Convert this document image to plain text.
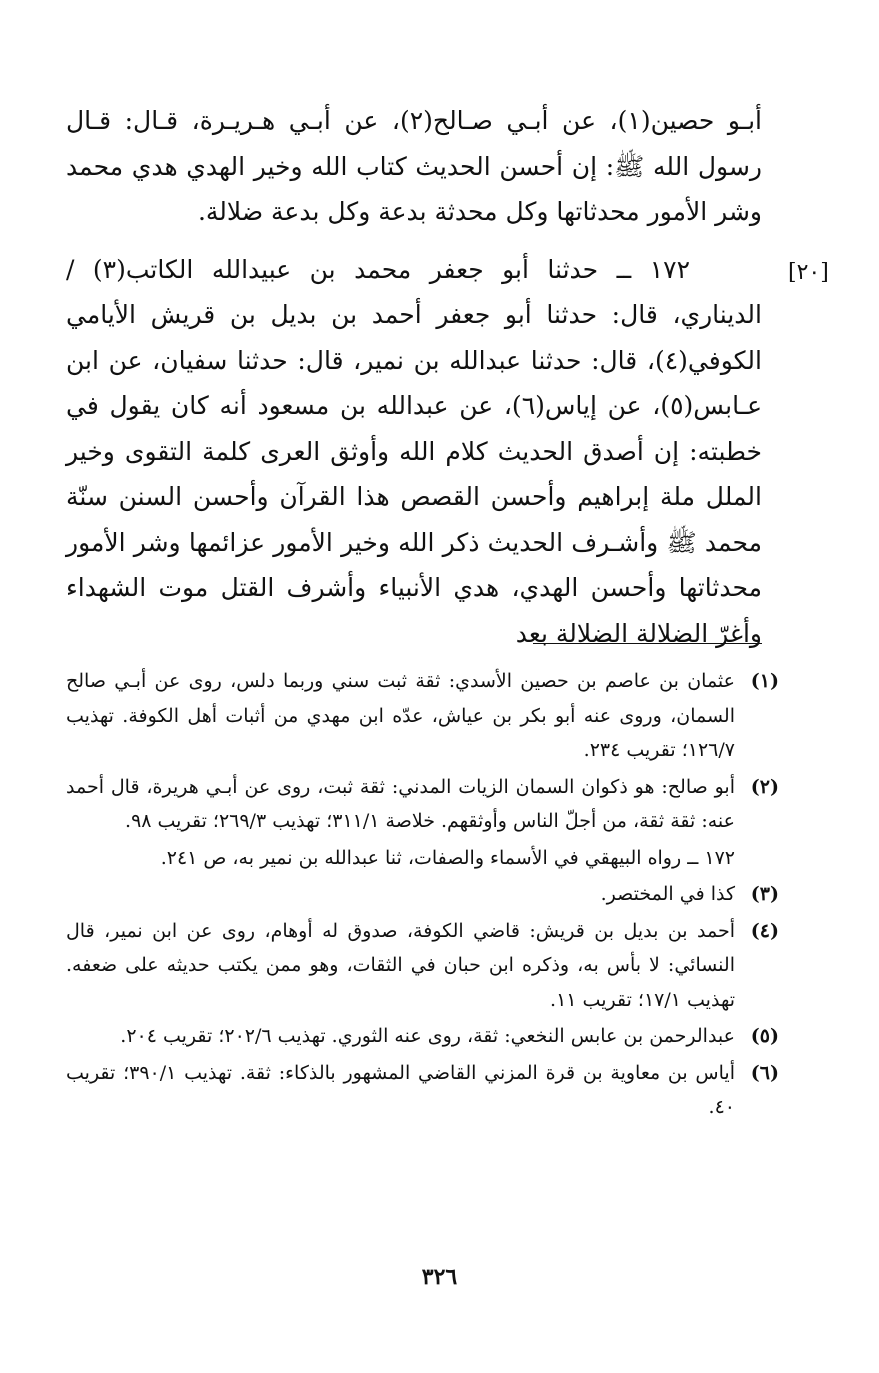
أبـو حصين(١)، عن أبـي صـالح(٢)، عن أبـي هـريـرة، قـال: قـال رسول الله ﷺ: إن أحسن الحديث كتاب الله وخير الهدي هدي محمد وشر الأمور محدثاتها وكل محدثة بدعة وكل بدعة ضلالة.

١٧٢ ــ حدثنا أبو جعفر محمد بن عبيدالله الكاتب(٣) / الديناري، قال: حدثنا أبو جعفر أحمد بن بديل بن قريش الأيامي الكوفي(٤)، قال: حدثنا عبدالله بن نمير، قال: حدثنا سفيان، عن ابن عـابس(٥)، عن إياس(٦)، عن عبدالله بن مسعود أنه كان يقول في خطبته: إن أصدق الحديث كلام الله وأوثق العرى كلمة التقوى وخير الملل ملة إبراهيم وأحسن القصص هذا القرآن وأحسن السنن سنّة محمد ﷺ وأشـرف الحديث ذكر الله وخير الأمور عزائمها وشر الأمور محدثاتها وأحسن الهدي، هدي الأنبياء وأشرف القتل موت الشهداء وأغرّ الضلالة الضلالة بعد

[٢٠]
(١)
عثمان بن عاصم بن حصين الأسدي: ثقة ثبت سني وربما دلس، روى عن أبـي صالح السمان، وروى عنه أبو بكر بن عياش، عدّه ابن مهدي من أثبات أهل الكوفة. تهذيب ١٢٦/٧؛ تقريب ٢٣٤.
(٢)
أبو صالح: هو ذكوان السمان الزيات المدني: ثقة ثبت، روى عن أبـي هريرة، قال أحمد عنه: ثقة ثقة، من أجلّ الناس وأوثقهم. خلاصة ٣١١/١؛ تهذيب ٢٦٩/٣؛ تقريب ٩٨.
١٧٢ ــ رواه البيهقي في الأسماء والصفات، ثنا عبدالله بن نمير به، ص ٢٤١.
(٣)
كذا في المختصر.
(٤)
أحمد بن بديل بن قريش: قاضي الكوفة، صدوق له أوهام، روى عن ابن نمير، قال النسائي: لا بأس به، وذكره ابن حبان في الثقات، وهو ممن يكتب حديثه على ضعفه. تهذيب ١٧/١؛ تقريب ١١.
(٥)
عبدالرحمن بن عابس النخعي: ثقة، روى عنه الثوري. تهذيب ٢٠٢/٦؛ تقريب ٢٠٤.
(٦)
أياس بن معاوية بن قرة المزني القاضي المشهور بالذكاء: ثقة. تهذيب ٣٩٠/١؛ تقريب ٤٠.
٣٢٦
